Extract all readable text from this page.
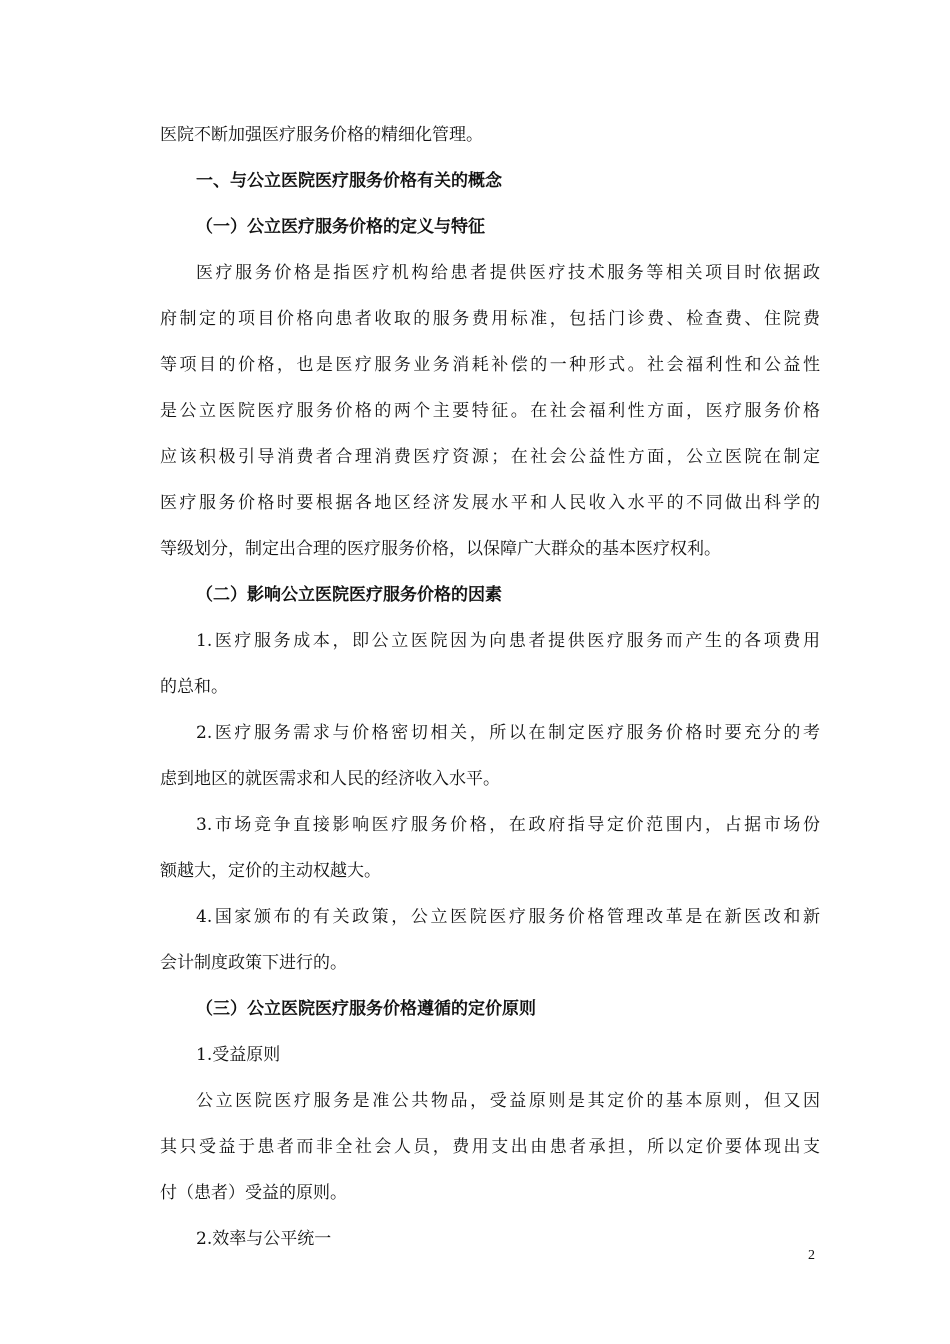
医院不断加强医疗服务价格的精细化管理。
一、与公立医院医疗服务价格有关的概念
（一）公立医疗服务价格的定义与特征
医疗服务价格是指医疗机构给患者提供医疗技术服务等相关项目时依据政
府制定的项目价格向患者收取的服务费用标准，包括门诊费、检查费、住院费
等项目的价格，也是医疗服务业务消耗补偿的一种形式。社会福利性和公益性
是公立医院医疗服务价格的两个主要特征。在社会福利性方面，医疗服务价格
应该积极引导消费者合理消费医疗资源；在社会公益性方面，公立医院在制定
医疗服务价格时要根据各地区经济发展水平和人民收入水平的不同做出科学的
等级划分，制定出合理的医疗服务价格，以保障广大群众的基本医疗权利。
（二）影响公立医院医疗服务价格的因素
1.医疗服务成本，即公立医院因为向患者提供医疗服务而产生的各项费用
的总和。
2.医疗服务需求与价格密切相关，所以在制定医疗服务价格时要充分的考
虑到地区的就医需求和人民的经济收入水平。
3.市场竞争直接影响医疗服务价格，在政府指导定价范围内，占据市场份
额越大，定价的主动权越大。
4.国家颁布的有关政策，公立医院医疗服务价格管理改革是在新医改和新
会计制度政策下进行的。
（三）公立医院医疗服务价格遵循的定价原则
1.受益原则
公立医院医疗服务是准公共物品，受益原则是其定价的基本原则，但又因
其只受益于患者而非全社会人员，费用支出由患者承担，所以定价要体现出支
付（患者）受益的原则。
2.效率与公平统一
2
